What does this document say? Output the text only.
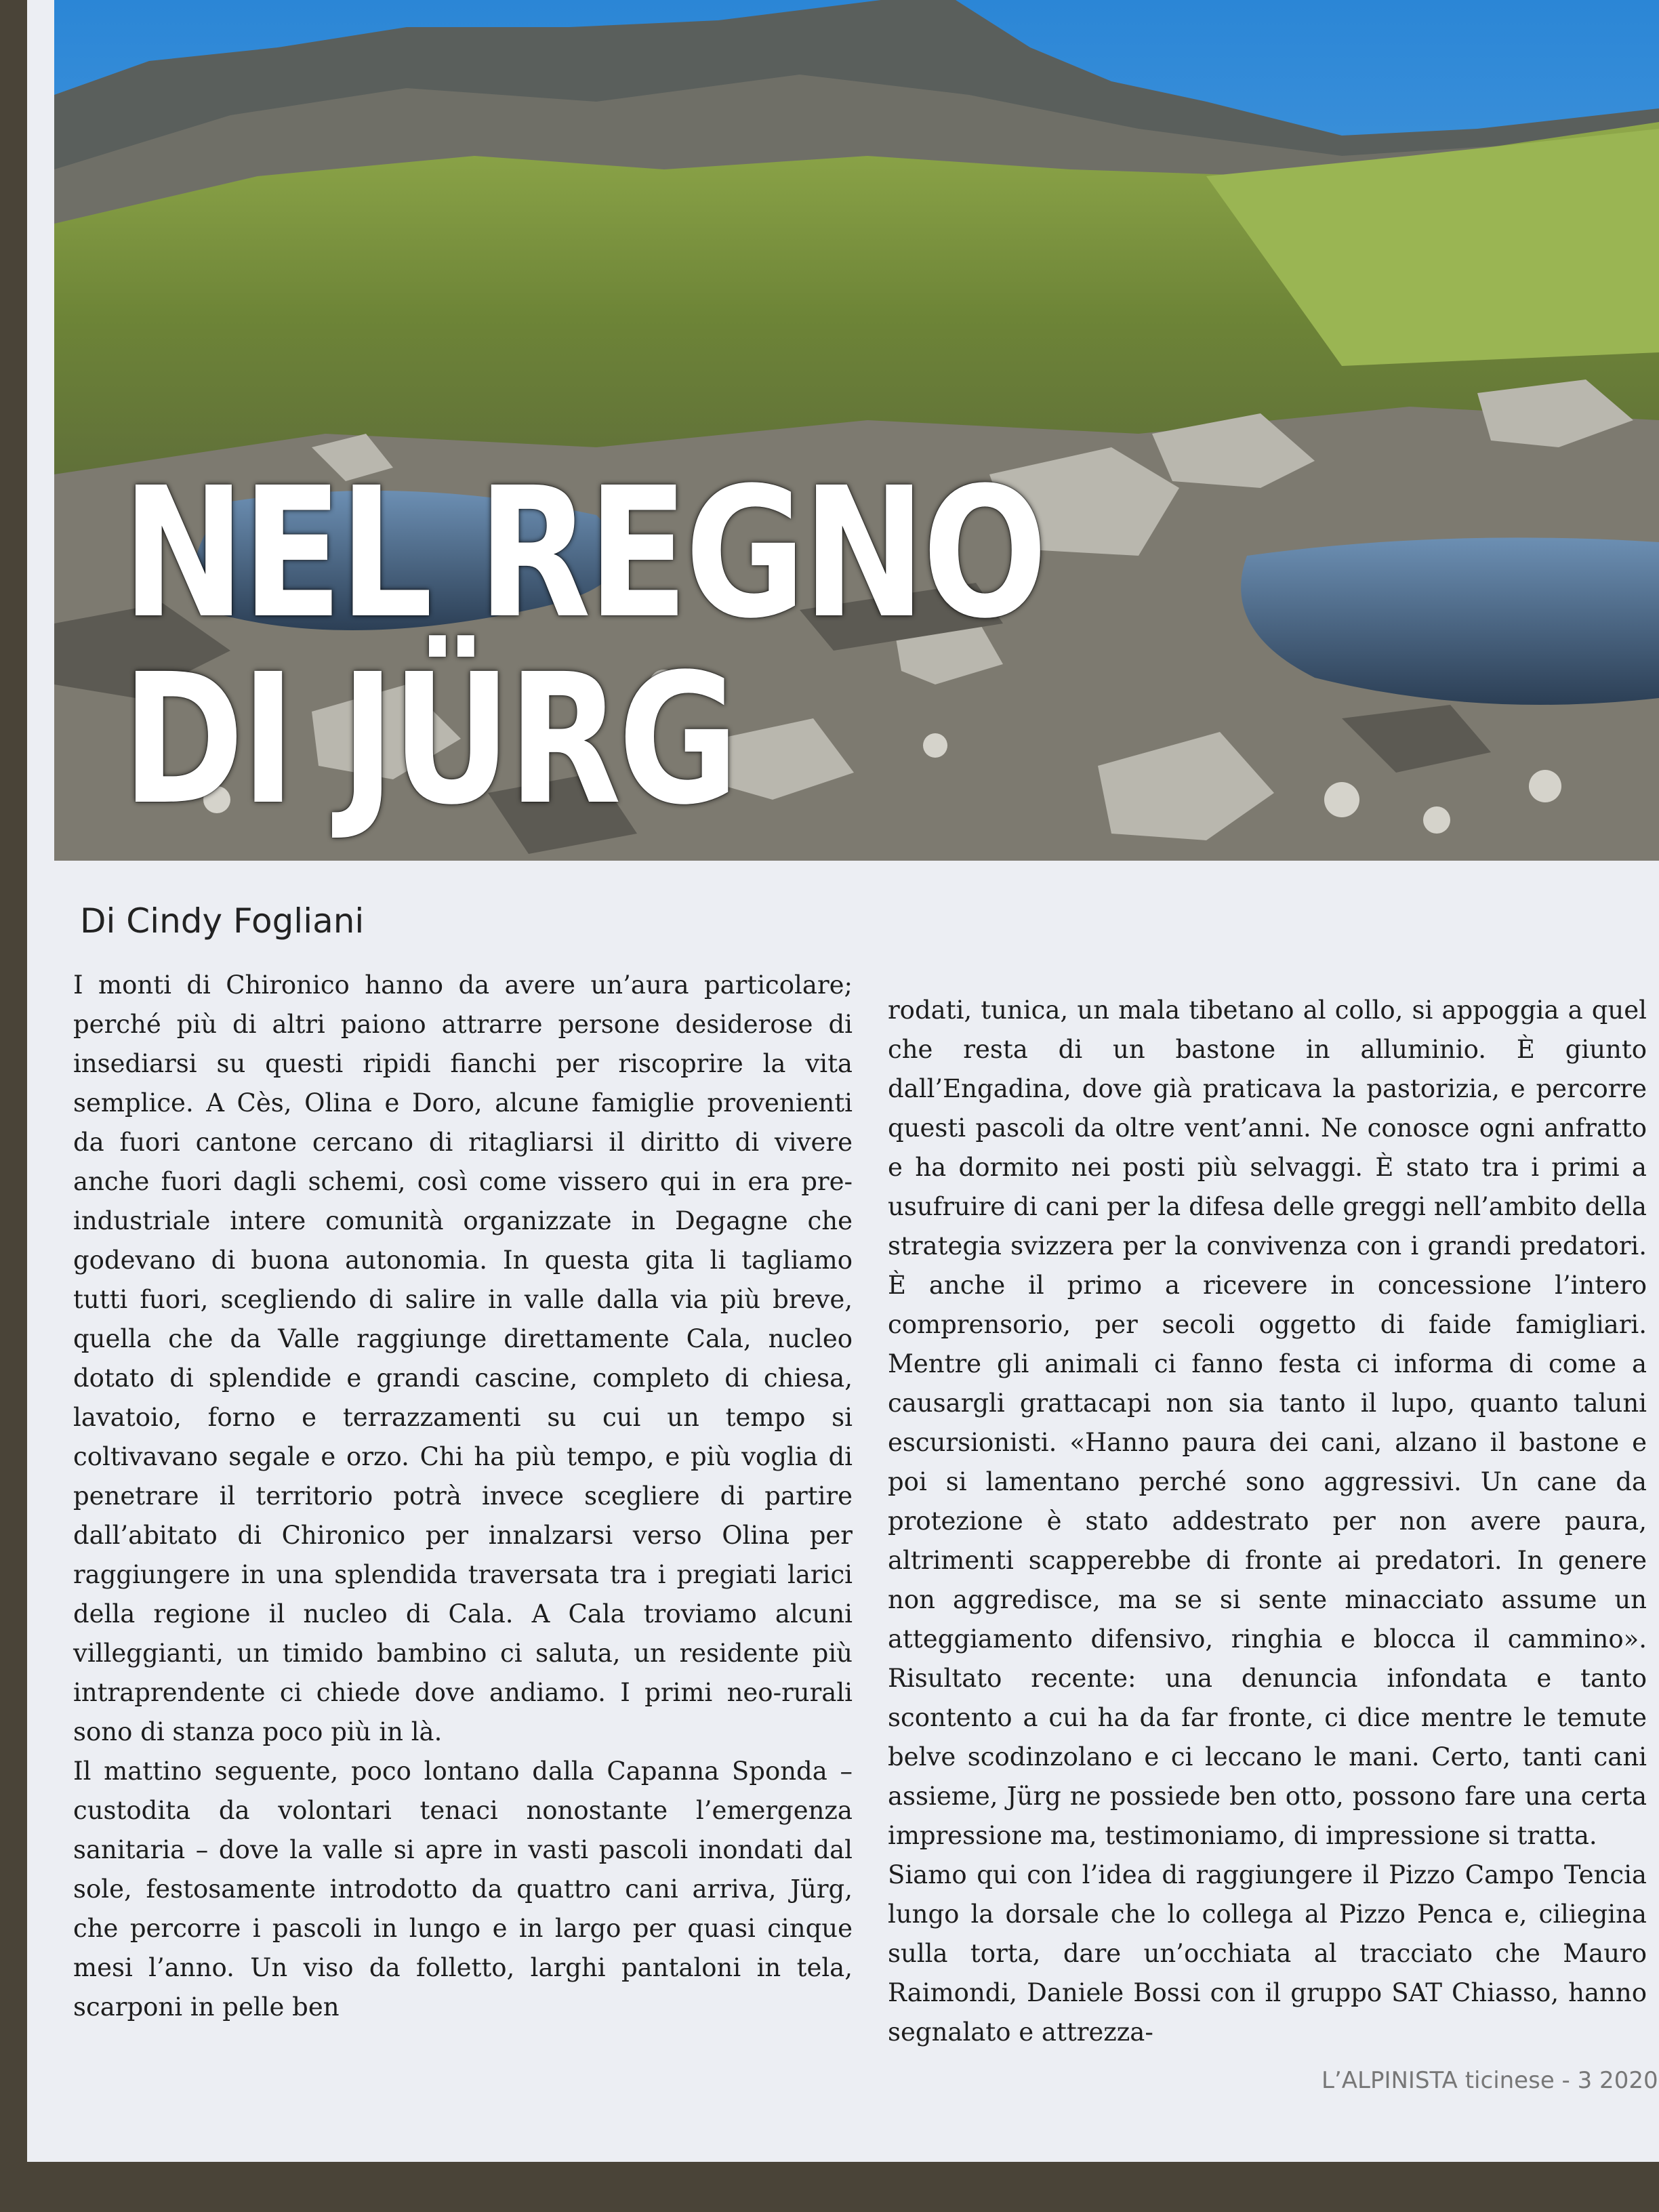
NEL REGNO
DI JÜRG
Di Cindy Fogliani

I monti di Chironico hanno da avere un’aura particolare; perché più di altri paiono attrarre persone desiderose di insediarsi su questi ripidi fianchi per riscoprire la vita semplice. A Cès, Olina e Doro, alcune famiglie provenienti da fuori cantone cercano di ritagliarsi il diritto di vivere anche fuori dagli schemi, così come vissero qui in era pre-industriale intere comunità organizzate in Degagne che godevano di buona autonomia. In questa gita li tagliamo tutti fuori, scegliendo di salire in valle dalla via più breve, quella che da Valle raggiunge direttamente Cala, nucleo dotato di splendide e grandi cascine, completo di chiesa, lavatoio, forno e terrazzamenti su cui un tempo si coltivavano segale e orzo. Chi ha più tempo, e più voglia di penetrare il territorio potrà invece scegliere di partire dall’abitato di Chironico per innalzarsi verso Olina per raggiungere in una splendida traversata tra i pregiati larici della regione il nucleo di Cala. A Cala troviamo alcuni villeggianti, un timido bambino ci saluta, un residente più intraprendente ci chiede dove andiamo. I primi neo-rurali sono di stanza poco più in là.

Il mattino seguente, poco lontano dalla Capanna Sponda – custodita da volontari tenaci nonostante l’emergenza sanitaria – dove la valle si apre in vasti pascoli inondati dal sole, festosamente introdotto da quattro cani arriva, Jürg, che percorre i pascoli in lungo e in largo per quasi cinque mesi l’anno. Un viso da folletto, larghi pantaloni in tela, scarponi in pelle ben

rodati, tunica, un mala tibetano al collo, si appoggia a quel che resta di un bastone in alluminio. È giunto dall’Engadina, dove già praticava la pastorizia, e percorre questi pascoli da oltre vent’anni. Ne conosce ogni anfratto e ha dormito nei posti più selvaggi. È stato tra i primi a usufruire di cani per la difesa delle greggi nell’ambito della strategia svizzera per la convivenza con i grandi predatori. È anche il primo a ricevere in concessione l’intero comprensorio, per secoli oggetto di faide famigliari. Mentre gli animali ci fanno festa ci informa di come a causargli grattacapi non sia tanto il lupo, quanto taluni escursionisti. «Hanno paura dei cani, alzano il bastone e poi si lamentano perché sono aggressivi. Un cane da protezione è stato addestrato per non avere paura, altrimenti scapperebbe di fronte ai predatori. In genere non aggredisce, ma se si sente minacciato assume un atteggiamento difensivo, ringhia e blocca il cammino». Risultato recente: una denuncia infondata e tanto scontento a cui ha da far fronte, ci dice mentre le temute belve scodinzolano e ci leccano le mani. Certo, tanti cani assieme, Jürg ne possiede ben otto, possono fare una certa impressione ma, testimoniamo, di impressione si tratta.

Siamo qui con l’idea di raggiungere il Pizzo Campo Tencia lungo la dorsale che lo collega al Pizzo Penca e, ciliegina sulla torta, dare un’occhiata al tracciato che Mauro Raimondi, Daniele Bossi con il gruppo SAT Chiasso, hanno segnalato e attrezza-

L’ALPINISTA ticinese - 3 2020
